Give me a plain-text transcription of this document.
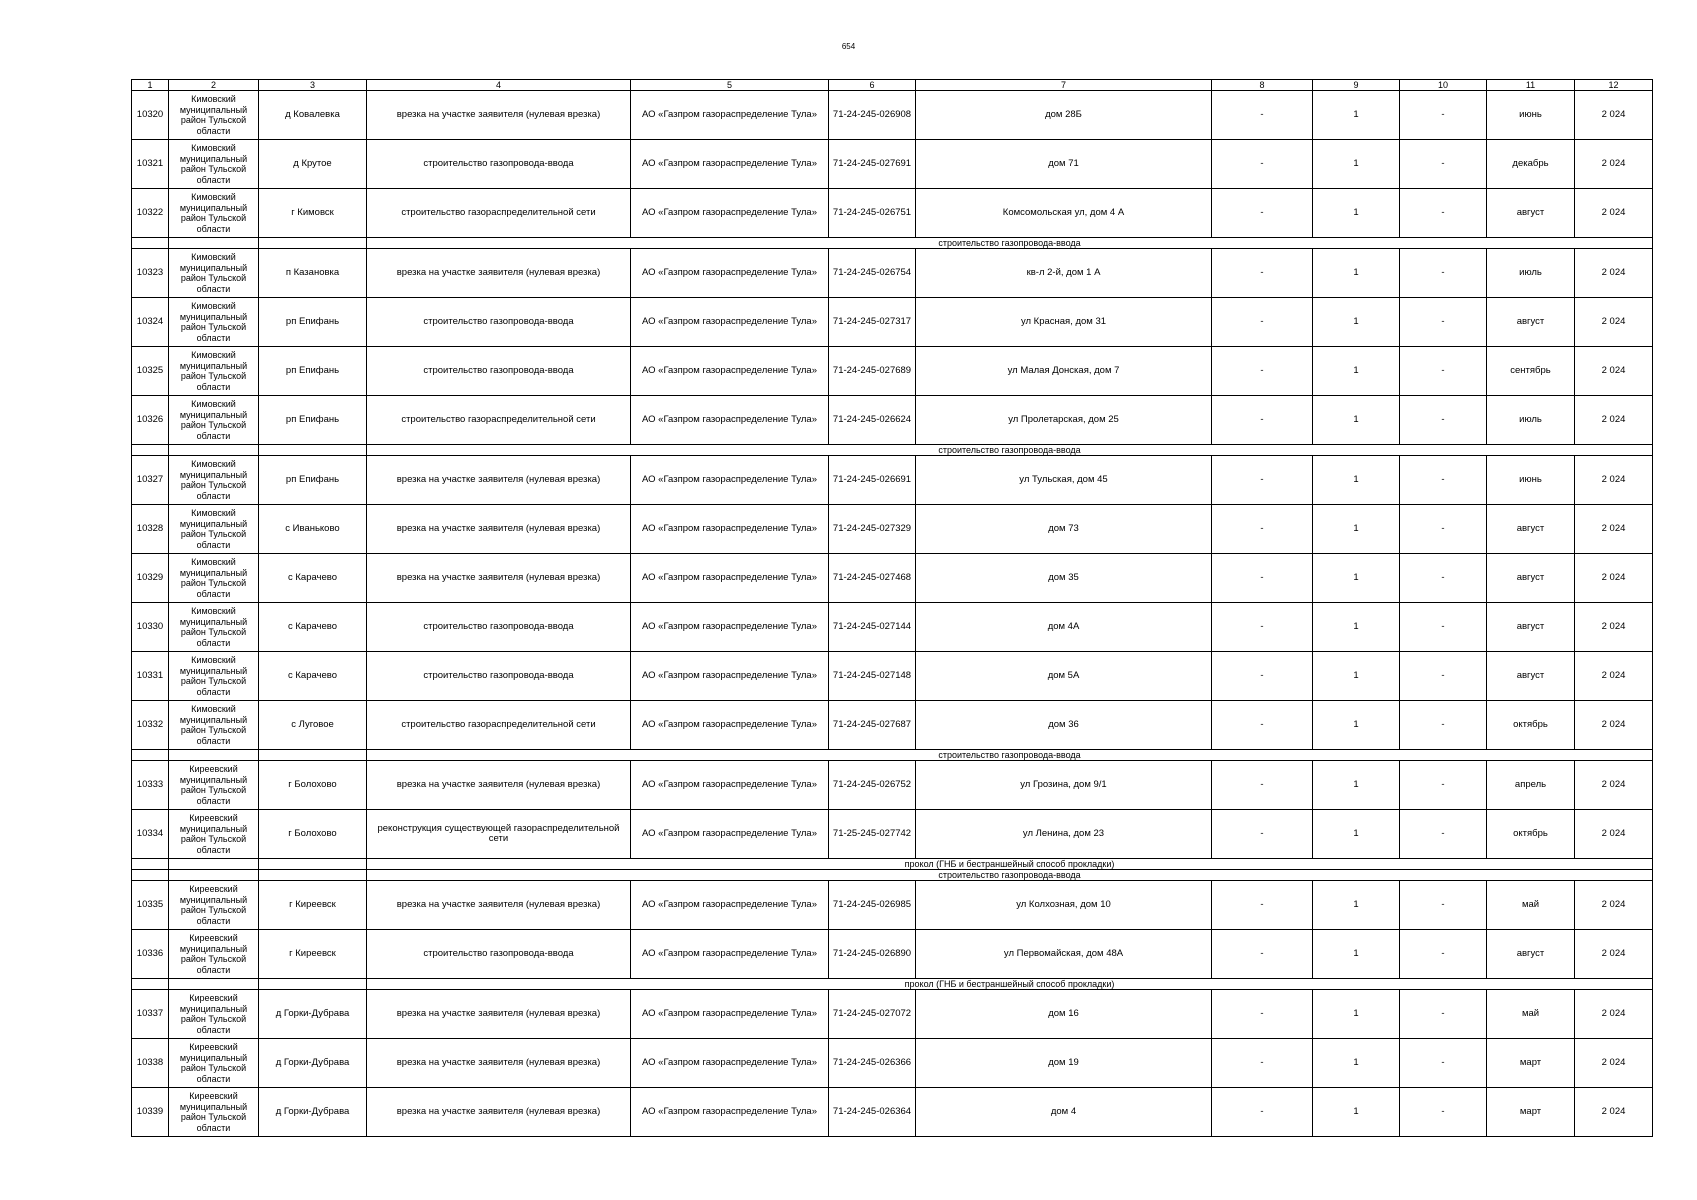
654
1	2	3	4	5	6	7	8	9	10	11	12
10320	Кимовский муниципальный район Тульской области	д Ковалевка	врезка на участке заявителя (нулевая врезка)	АО «Газпром газораспределение Тула»	71-24-245-026908	дом 28Б	-	1	-	июнь	2 024
10321	Кимовский муниципальный район Тульской области	д Крутое	строительство газопровода-ввода	АО «Газпром газораспределение Тула»	71-24-245-027691	дом 71	-	1	-	декабрь	2 024
10322	Кимовский муниципальный район Тульской области	г Кимовск	строительство газораспределительной сети	АО «Газпром газораспределение Тула»	71-24-245-026751	Комсомольская ул, дом 4 А	-	1	-	август	2 024
			строительство газопровода-ввода								
10323	Кимовский муниципальный район Тульской области	п Казановка	врезка на участке заявителя (нулевая врезка)	АО «Газпром газораспределение Тула»	71-24-245-026754	кв-л 2-й, дом 1 А	-	1	-	июль	2 024
10324	Кимовский муниципальный район Тульской области	рп Епифань	строительство газопровода-ввода	АО «Газпром газораспределение Тула»	71-24-245-027317	ул Красная, дом 31	-	1	-	август	2 024
10325	Кимовский муниципальный район Тульской области	рп Епифань	строительство газопровода-ввода	АО «Газпром газораспределение Тула»	71-24-245-027689	ул Малая Донская, дом 7	-	1	-	сентябрь	2 024
10326	Кимовский муниципальный район Тульской области	рп Епифань	строительство газораспределительной сети	АО «Газпром газораспределение Тула»	71-24-245-026624	ул Пролетарская, дом 25	-	1	-	июль	2 024
			строительство газопровода-ввода								
10327	Кимовский муниципальный район Тульской области	рп Епифань	врезка на участке заявителя (нулевая врезка)	АО «Газпром газораспределение Тула»	71-24-245-026691	ул Тульская, дом 45	-	1	-	июнь	2 024
10328	Кимовский муниципальный район Тульской области	с Иваньково	врезка на участке заявителя (нулевая врезка)	АО «Газпром газораспределение Тула»	71-24-245-027329	дом 73	-	1	-	август	2 024
10329	Кимовский муниципальный район Тульской области	с Карачево	врезка на участке заявителя (нулевая врезка)	АО «Газпром газораспределение Тула»	71-24-245-027468	дом 35	-	1	-	август	2 024
10330	Кимовский муниципальный район Тульской области	с Карачево	строительство газопровода-ввода	АО «Газпром газораспределение Тула»	71-24-245-027144	дом 4А	-	1	-	август	2 024
10331	Кимовский муниципальный район Тульской области	с Карачево	строительство газопровода-ввода	АО «Газпром газораспределение Тула»	71-24-245-027148	дом 5А	-	1	-	август	2 024
10332	Кимовский муниципальный район Тульской области	с Луговое	строительство газораспределительной сети	АО «Газпром газораспределение Тула»	71-24-245-027687	дом 36	-	1	-	октябрь	2 024
			строительство газопровода-ввода								
10333	Киреевский муниципальный район Тульской области	г Болохово	врезка на участке заявителя (нулевая врезка)	АО «Газпром газораспределение Тула»	71-24-245-026752	ул Грозина, дом 9/1	-	1	-	апрель	2 024
10334	Киреевский муниципальный район Тульской области	г Болохово	реконструкция существующей газораспределительной сети	АО «Газпром газораспределение Тула»	71-25-245-027742	ул Ленина, дом 23	-	1	-	октябрь	2 024
			прокол (ГНБ и бестраншейный способ прокладки)								
			строительство газопровода-ввода								
10335	Киреевский муниципальный район Тульской области	г Киреевск	врезка на участке заявителя (нулевая врезка)	АО «Газпром газораспределение Тула»	71-24-245-026985	ул Колхозная, дом 10	-	1	-	май	2 024
10336	Киреевский муниципальный район Тульской области	г Киреевск	строительство газопровода-ввода	АО «Газпром газораспределение Тула»	71-24-245-026890	ул Первомайская, дом 48А	-	1	-	август	2 024
			прокол (ГНБ и бестраншейный способ прокладки)								
10337	Киреевский муниципальный район Тульской области	д Горки-Дубрава	врезка на участке заявителя (нулевая врезка)	АО «Газпром газораспределение Тула»	71-24-245-027072	дом 16	-	1	-	май	2 024
10338	Киреевский муниципальный район Тульской области	д Горки-Дубрава	врезка на участке заявителя (нулевая врезка)	АО «Газпром газораспределение Тула»	71-24-245-026366	дом 19	-	1	-	март	2 024
10339	Киреевский муниципальный район Тульской области	д Горки-Дубрава	врезка на участке заявителя (нулевая врезка)	АО «Газпром газораспределение Тула»	71-24-245-026364	дом 4	-	1	-	март	2 024
